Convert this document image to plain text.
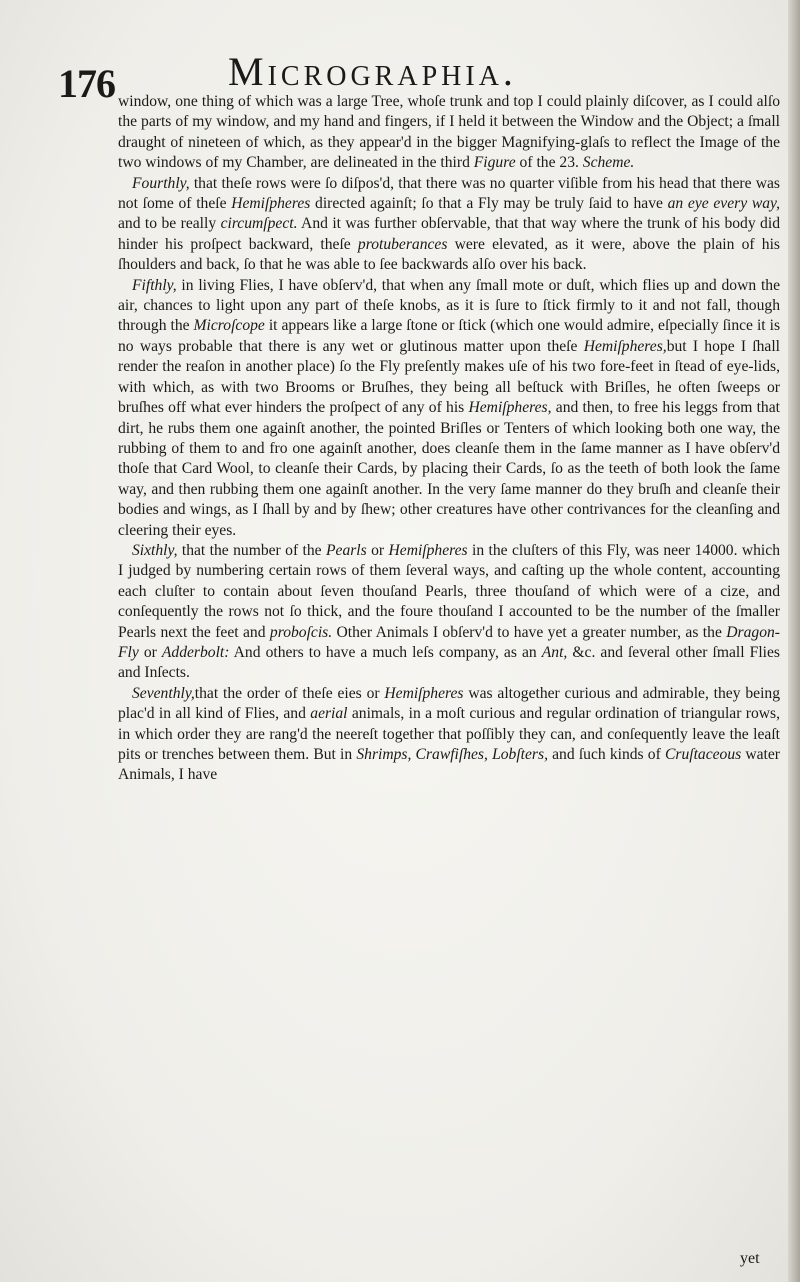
176	Micrographia.

window, one thing of which was a large Tree, whoſe trunk and top I could plainly diſcover, as I could alſo the parts of my window, and my hand and fingers, if I held it between the Window and the Object; a ſmall draught of nineteen of which, as they appear'd in the bigger Magnifying-glaſs to reflect the Image of the two windows of my Chamber, are delineated in the third Figure of the 23. Scheme.

Fourthly, that theſe rows were ſo diſpos'd, that there was no quarter viſible from his head that there was not ſome of theſe Hemiſpheres directed againſt; ſo that a Fly may be truly ſaid to have an eye every way, and to be really circumſpect. And it was further obſervable, that that way where the trunk of his body did hinder his proſpect backward, theſe protuberances were elevated, as it were, above the plain of his ſhoulders and back, ſo that he was able to ſee backwards alſo over his back.

Fifthly, in living Flies, I have obſerv'd, that when any ſmall mote or duſt, which flies up and down the air, chances to light upon any part of theſe knobs, as it is ſure to ſtick firmly to it and not fall, though through the Microſcope it appears like a large ſtone or ſtick (which one would admire, eſpecially ſince it is no ways probable that there is any wet or glutinous matter upon theſe Hemiſpheres,but I hope I ſhall render the reaſon in another place) ſo the Fly preſently makes uſe of his two fore-feet in ſtead of eye-lids, with which, as with two Brooms or Bruſhes, they being all beſtuck with Briſles, he often ſweeps or bruſhes off what ever hinders the proſpect of any of his Hemiſpheres, and then, to free his leggs from that dirt, he rubs them one againſt another, the pointed Briſles or Tenters of which looking both one way, the rubbing of them to and fro one againſt another, does cleanſe them in the ſame manner as I have obſerv'd thoſe that Card Wool, to cleanſe their Cards, by placing their Cards, ſo as the teeth of both look the ſame way, and then rubbing them one againſt another. In the very ſame manner do they bruſh and cleanſe their bodies and wings, as I ſhall by and by ſhew; other creatures have other contrivances for the cleanſing and cleering their eyes.

Sixthly, that the number of the Pearls or Hemiſpheres in the cluſters of this Fly, was neer 14000. which I judged by numbering certain rows of them ſeveral ways, and caſting up the whole content, accounting each cluſter to contain about ſeven thouſand Pearls, three thouſand of which were of a cize, and conſequently the rows not ſo thick, and the foure thouſand I accounted to be the number of the ſmaller Pearls next the feet and proboſcis. Other Animals I obſerv'd to have yet a greater number, as the Dragon-Fly or Adderbolt: And others to have a much leſs company, as an Ant, &c. and ſeveral other ſmall Flies and Inſects.

Seventhly,that the order of theſe eies or Hemiſpheres was altogether curious and admirable, they being plac'd in all kind of Flies, and aerial animals, in a moſt curious and regular ordination of triangular rows, in which order they are rang'd the neereſt together that poſſibly they can, and conſequently leave the leaſt pits or trenches between them. But in Shrimps, Crawfiſhes, Lobſters, and ſuch kinds of Cruſtaceous water Animals, I have

yet
